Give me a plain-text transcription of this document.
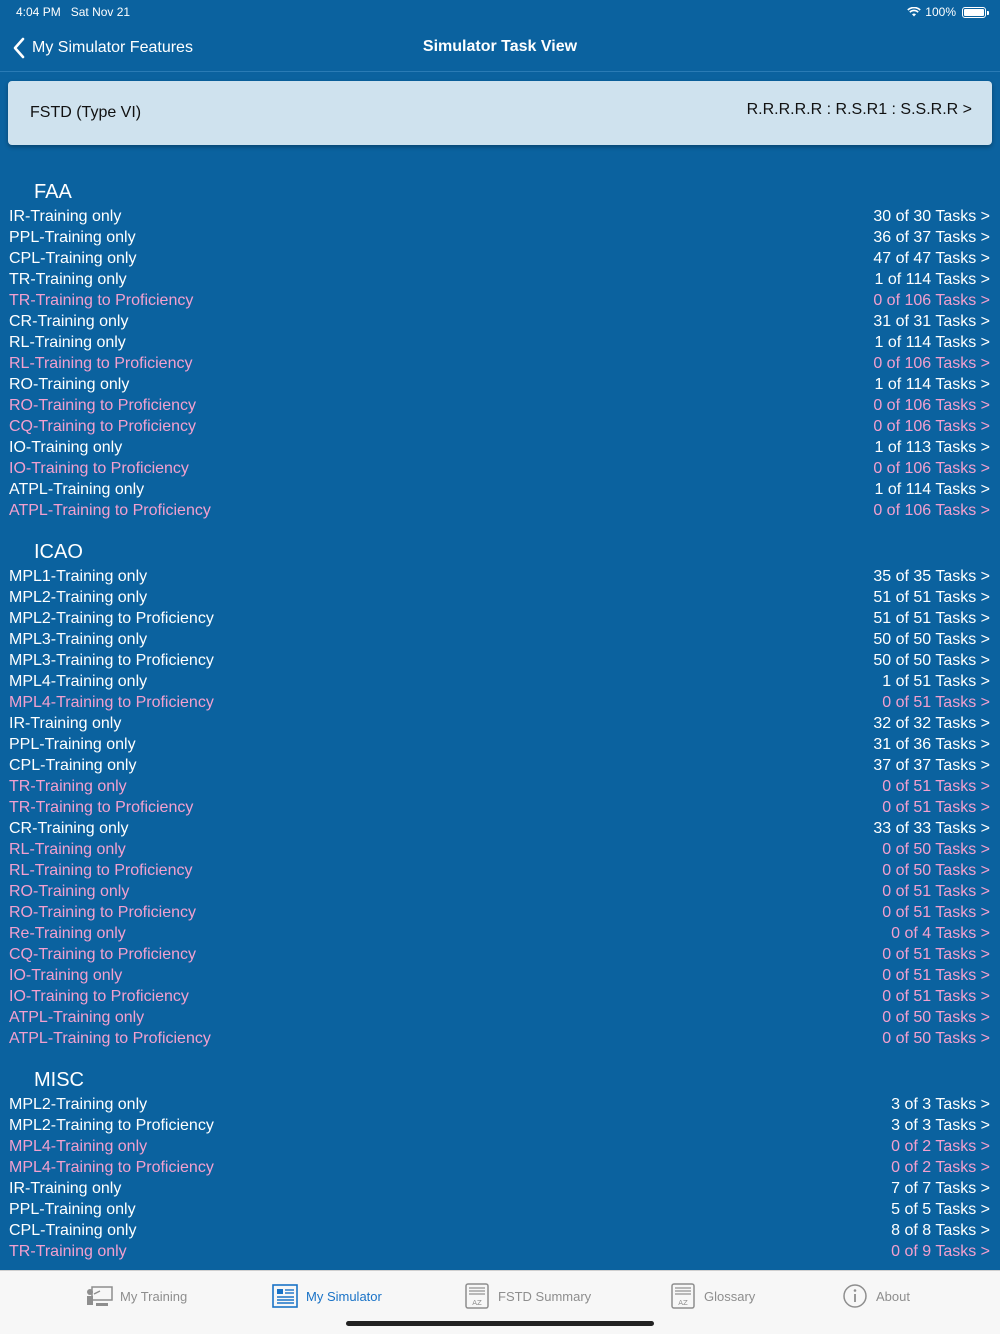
4:04 PM Sat Nov 21	100%
My Simulator Features	Simulator Task View
FSTD (Type VI)	R.R.R.R.R : R.S.R1 : S.S.R.R >
FAA
IR-Training only	30 of 30 Tasks >
PPL-Training only	36 of 37 Tasks >
CPL-Training only	47 of 47 Tasks >
TR-Training only	1 of 114 Tasks >
TR-Training to Proficiency	0 of 106 Tasks >
CR-Training only	31 of 31 Tasks >
RL-Training only	1 of 114 Tasks >
RL-Training to Proficiency	0 of 106 Tasks >
RO-Training only	1 of 114 Tasks >
RO-Training to Proficiency	0 of 106 Tasks >
CQ-Training to Proficiency	0 of 106 Tasks >
IO-Training only	1 of 113 Tasks >
IO-Training to Proficiency	0 of 106 Tasks >
ATPL-Training only	1 of 114 Tasks >
ATPL-Training to Proficiency	0 of 106 Tasks >
ICAO
MPL1-Training only	35 of 35 Tasks >
MPL2-Training only	51 of 51 Tasks >
MPL2-Training to Proficiency	51 of 51 Tasks >
MPL3-Training only	50 of 50 Tasks >
MPL3-Training to Proficiency	50 of 50 Tasks >
MPL4-Training only	1 of 51 Tasks >
MPL4-Training to Proficiency	0 of 51 Tasks >
IR-Training only	32 of 32 Tasks >
PPL-Training only	31 of 36 Tasks >
CPL-Training only	37 of 37 Tasks >
TR-Training only	0 of 51 Tasks >
TR-Training to Proficiency	0 of 51 Tasks >
CR-Training only	33 of 33 Tasks >
RL-Training only	0 of 50 Tasks >
RL-Training to Proficiency	0 of 50 Tasks >
RO-Training only	0 of 51 Tasks >
RO-Training to Proficiency	0 of 51 Tasks >
Re-Training only	0 of 4 Tasks >
CQ-Training to Proficiency	0 of 51 Tasks >
IO-Training only	0 of 51 Tasks >
IO-Training to Proficiency	0 of 51 Tasks >
ATPL-Training only	0 of 50 Tasks >
ATPL-Training to Proficiency	0 of 50 Tasks >
MISC
MPL2-Training only	3 of 3 Tasks >
MPL2-Training to Proficiency	3 of 3 Tasks >
MPL4-Training only	0 of 2 Tasks >
MPL4-Training to Proficiency	0 of 2 Tasks >
IR-Training only	7 of 7 Tasks >
PPL-Training only	5 of 5 Tasks >
CPL-Training only	8 of 8 Tasks >
TR-Training only	0 of 9 Tasks >
My Training	My Simulator	AZ FSTD Summary	AZ Glossary	About
